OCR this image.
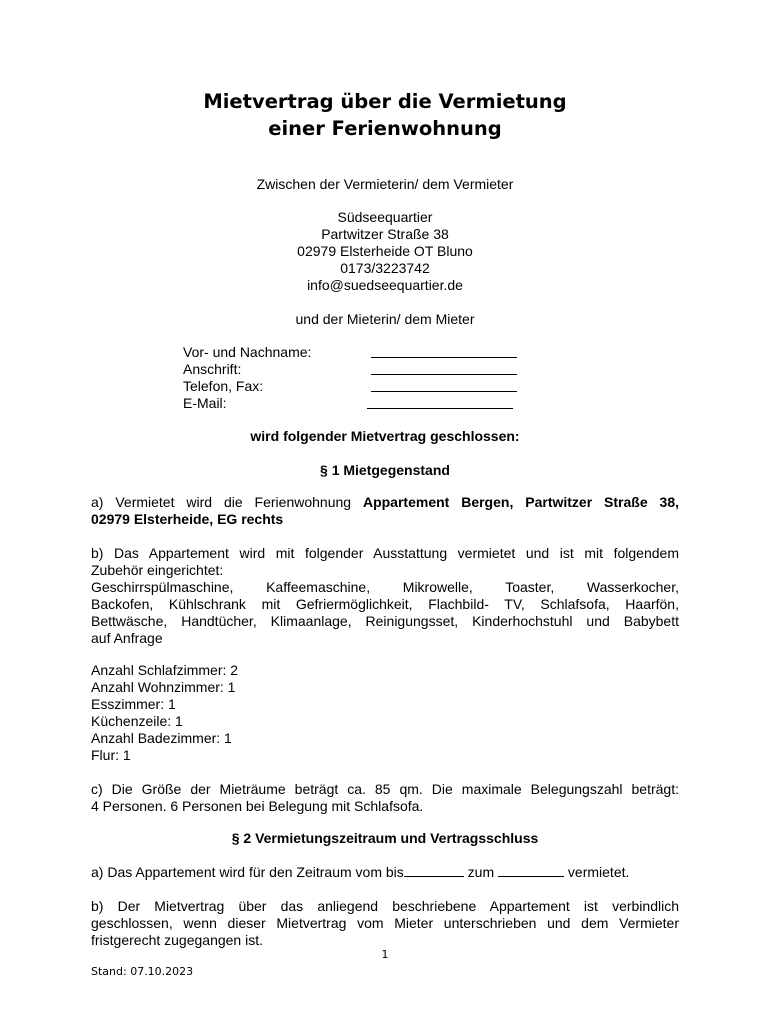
Mietvertrag über die Vermietung
einer Ferienwohnung
Zwischen der Vermieterin/ dem Vermieter
Südseequartier
Partwitzer Straße 38
02979 Elsterheide OT Bluno
0173/3223742
info@suedseequartier.de
und der Mieterin/ dem Mieter
Vor- und Nachname:
Anschrift:
Telefon, Fax:
E-Mail:
wird folgender Mietvertrag geschlossen:
§ 1 Mietgegenstand
a) Vermietet wird die Ferienwohnung Appartement Bergen, Partwitzer Straße 38,
02979 Elsterheide, EG rechts
b) Das Appartement wird mit folgender Ausstattung vermietet und ist mit folgendem
Zubehör eingerichtet:
Geschirrspülmaschine, Kaffeemaschine, Mikrowelle, Toaster, Wasserkocher,
Backofen, Kühlschrank mit Gefriermöglichkeit, Flachbild- TV, Schlafsofa, Haarfön,
Bettwäsche, Handtücher, Klimaanlage, Reinigungsset, Kinderhochstuhl und Babybett
auf Anfrage
Anzahl Schlafzimmer: 2
Anzahl Wohnzimmer: 1
Esszimmer: 1
Küchenzeile: 1
Anzahl Badezimmer: 1
Flur: 1
c) Die Größe der Mieträume beträgt ca. 85 qm. Die maximale Belegungszahl beträgt:
4 Personen. 6 Personen bei Belegung mit Schlafsofa.
§ 2 Vermietungszeitraum und Vertragsschluss
a) Das Appartement wird für den Zeitraum vom bis	zum	vermietet.
b) Der Mietvertrag über das anliegend beschriebene Appartement ist verbindlich
geschlossen, wenn dieser Mietvertrag vom Mieter unterschrieben und dem Vermieter
fristgerecht zugegangen ist.
1
Stand: 07.10.2023
